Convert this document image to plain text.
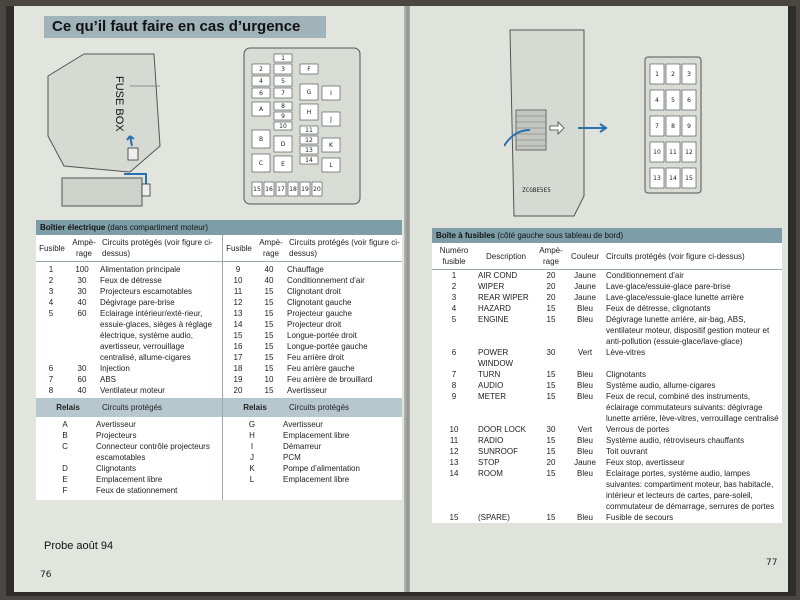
Ce qu’il faut faire en cas d’urgence
FUSE BOX
1
2	3
4	5
6	7
A	8
9
10
B
D
C	E
F
G	I
H
J
11
12
K
13
14
L
15 16 17 18 19 20
Boîtier électrique (dans compartiment moteur)
Fusible	Ampè-rage	Circuits protégés (voir figure ci-dessus)	Fusible	Ampè-rage	Circuits protégés (voir figure ci-dessus)

1	100	Alimentation principale
2	30	Feux de détresse
3	30	Projecteurs escamotables
4	40	Dégivrage pare-brise
5	60	Eclairage intérieur/exté-rieur, essuie-glaces, sièges à réglage électrique, système audio, avertisseur, verrouillage centralisé, allume-cigares
6	30	Injection
7	60	ABS
8	40	Ventilateur moteur

9	40	Chauffage
10	40	Conditionnement d’air
11	15	Clignotant droit
12	15	Clignotant gauche
13	15	Projecteur gauche
14	15	Projecteur droit
15	15	Longue-portée droit
16	15	Longue-portée gauche
17	15	Feu arrière droit
18	15	Feu arrière gauche
19	10	Feu arrière de brouillard
20	15	Avertisseur

Relais	Circuits protégés	Relais	Circuits protégés

A	Avertisseur
B	Projecteurs
C	Connecteur contrôle projecteurs escamotables
D	Clignotants
E	Emplacement libre
F	Feux de stationnement

G	Avertisseur
H	Emplacement libre
I	Démarreur
J	PCM
K	Pompe d’alimentation
L	Emplacement libre
Probe août 94
76
ZCGBE5E5
1 2 3
4 5 6
7 8 9
10 11 12
13 14 15
Boîte à fusibles (côté gauche sous tableau de bord)				
Numéro fusible	Description	Ampè-rage	Couleur	Circuits protégés (voir figure ci-dessus)
1	AIR COND	20	Jaune	Conditionnement d’air
2	WIPER	20	Jaune	Lave-glace/essuie-glace pare-brise
3	REAR WIPER	20	Jaune	Lave-glace/essuie-glace lunette arrière
4	HAZARD	15	Bleu	Feux de détresse, clignotants
5	ENGINE	15	Bleu	Dégivrage lunette arrière, air-bag, ABS, ventilateur moteur, dispositif gestion moteur et anti-pollution (essuie-glace/lave-glace)
6	POWER WINDOW	30	Vert	Lève-vitres
7	TURN	15	Bleu	Clignotants
8	AUDIO	15	Bleu	Système audio, allume-cigares
9	METER	15	Bleu	Feux de recul, combiné des instruments, éclairage commutateurs suivants: dégivrage lunette arrière, lève-vitres, verrouillage centralisé
10	DOOR LOCK	30	Vert	Verrous de portes
11	RADIO	15	Bleu	Système audio, rétroviseurs chauffants
12	SUNROOF	15	Bleu	Toit ouvrant
13	STOP	20	Jaune	Feux stop, avertisseur
14	ROOM	15	Bleu	Eclairage portes, système audio, lampes suivantes: compartiment moteur, bas habitacle, intérieur et lecteurs de cartes, pare-soleil, commutateur de démarrage, serrures de portes
15	(SPARE)	15	Bleu	Fusible de secours
77
